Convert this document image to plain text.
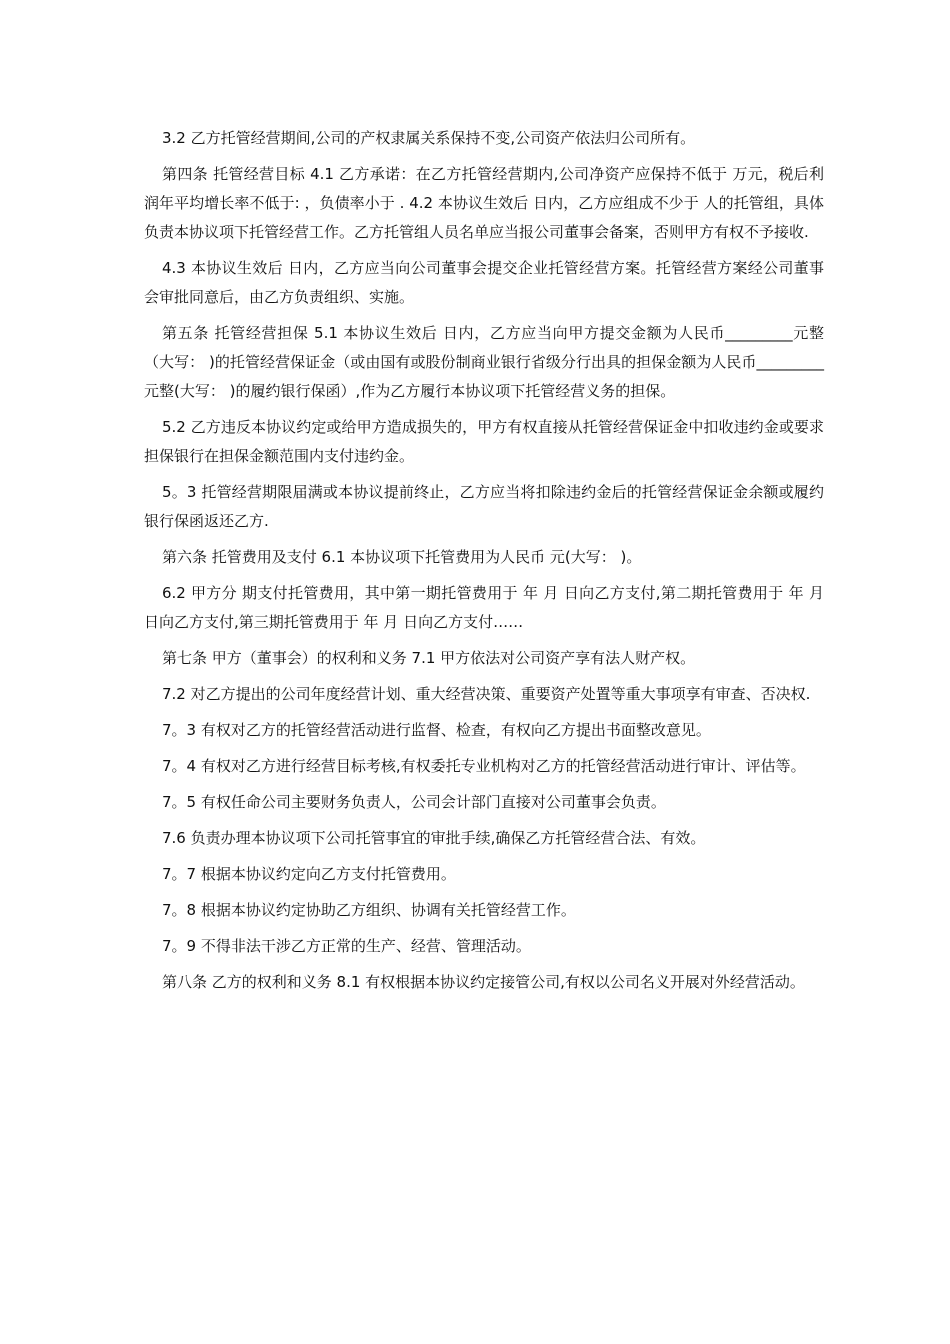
3.2 乙方托管经营期间,公司的产权隶属关系保持不变,公司资产依法归公司所有。

第四条 托管经营目标 4.1 乙方承诺：在乙方托管经营期内,公司净资产应保持不低于 万元，税后利润年平均增长率不低于: ，负债率小于 . 4.2 本协议生效后 日内，乙方应组成不少于 人的托管组，具体负责本协议项下托管经营工作。乙方托管组人员名单应当报公司董事会备案，否则甲方有权不予接收.

4.3 本协议生效后 日内，乙方应当向公司董事会提交企业托管经营方案。托管经营方案经公司董事会审批同意后，由乙方负责组织、实施。

第五条 托管经营担保 5.1 本协议生效后 日内，乙方应当向甲方提交金额为人民币_________元整（大写： )的托管经营保证金（或由国有或股份制商业银行省级分行出具的担保金额为人民币_________元整(大写： )的履约银行保函）,作为乙方履行本协议项下托管经营义务的担保。

5.2 乙方违反本协议约定或给甲方造成损失的，甲方有权直接从托管经营保证金中扣收违约金或要求担保银行在担保金额范围内支付违约金。

5。3 托管经营期限届满或本协议提前终止，乙方应当将扣除违约金后的托管经营保证金余额或履约银行保函返还乙方.

第六条 托管费用及支付 6.1 本协议项下托管费用为人民币 元(大写： )。

6.2 甲方分 期支付托管费用，其中第一期托管费用于 年 月 日向乙方支付,第二期托管费用于 年 月 日向乙方支付,第三期托管费用于 年 月 日向乙方支付……

第七条 甲方（董事会）的权利和义务 7.1 甲方依法对公司资产享有法人财产权。

7.2 对乙方提出的公司年度经营计划、重大经营决策、重要资产处置等重大事项享有审查、否决权.

7。3 有权对乙方的托管经营活动进行监督、检查，有权向乙方提出书面整改意见。

7。4 有权对乙方进行经营目标考核,有权委托专业机构对乙方的托管经营活动进行审计、评估等。

7。5 有权任命公司主要财务负责人，公司会计部门直接对公司董事会负责。

7.6 负责办理本协议项下公司托管事宜的审批手续,确保乙方托管经营合法、有效。

7。7 根据本协议约定向乙方支付托管费用。

7。8 根据本协议约定协助乙方组织、协调有关托管经营工作。

7。9 不得非法干涉乙方正常的生产、经营、管理活动。

第八条 乙方的权利和义务 8.1 有权根据本协议约定接管公司,有权以公司名义开展对外经营活动。
